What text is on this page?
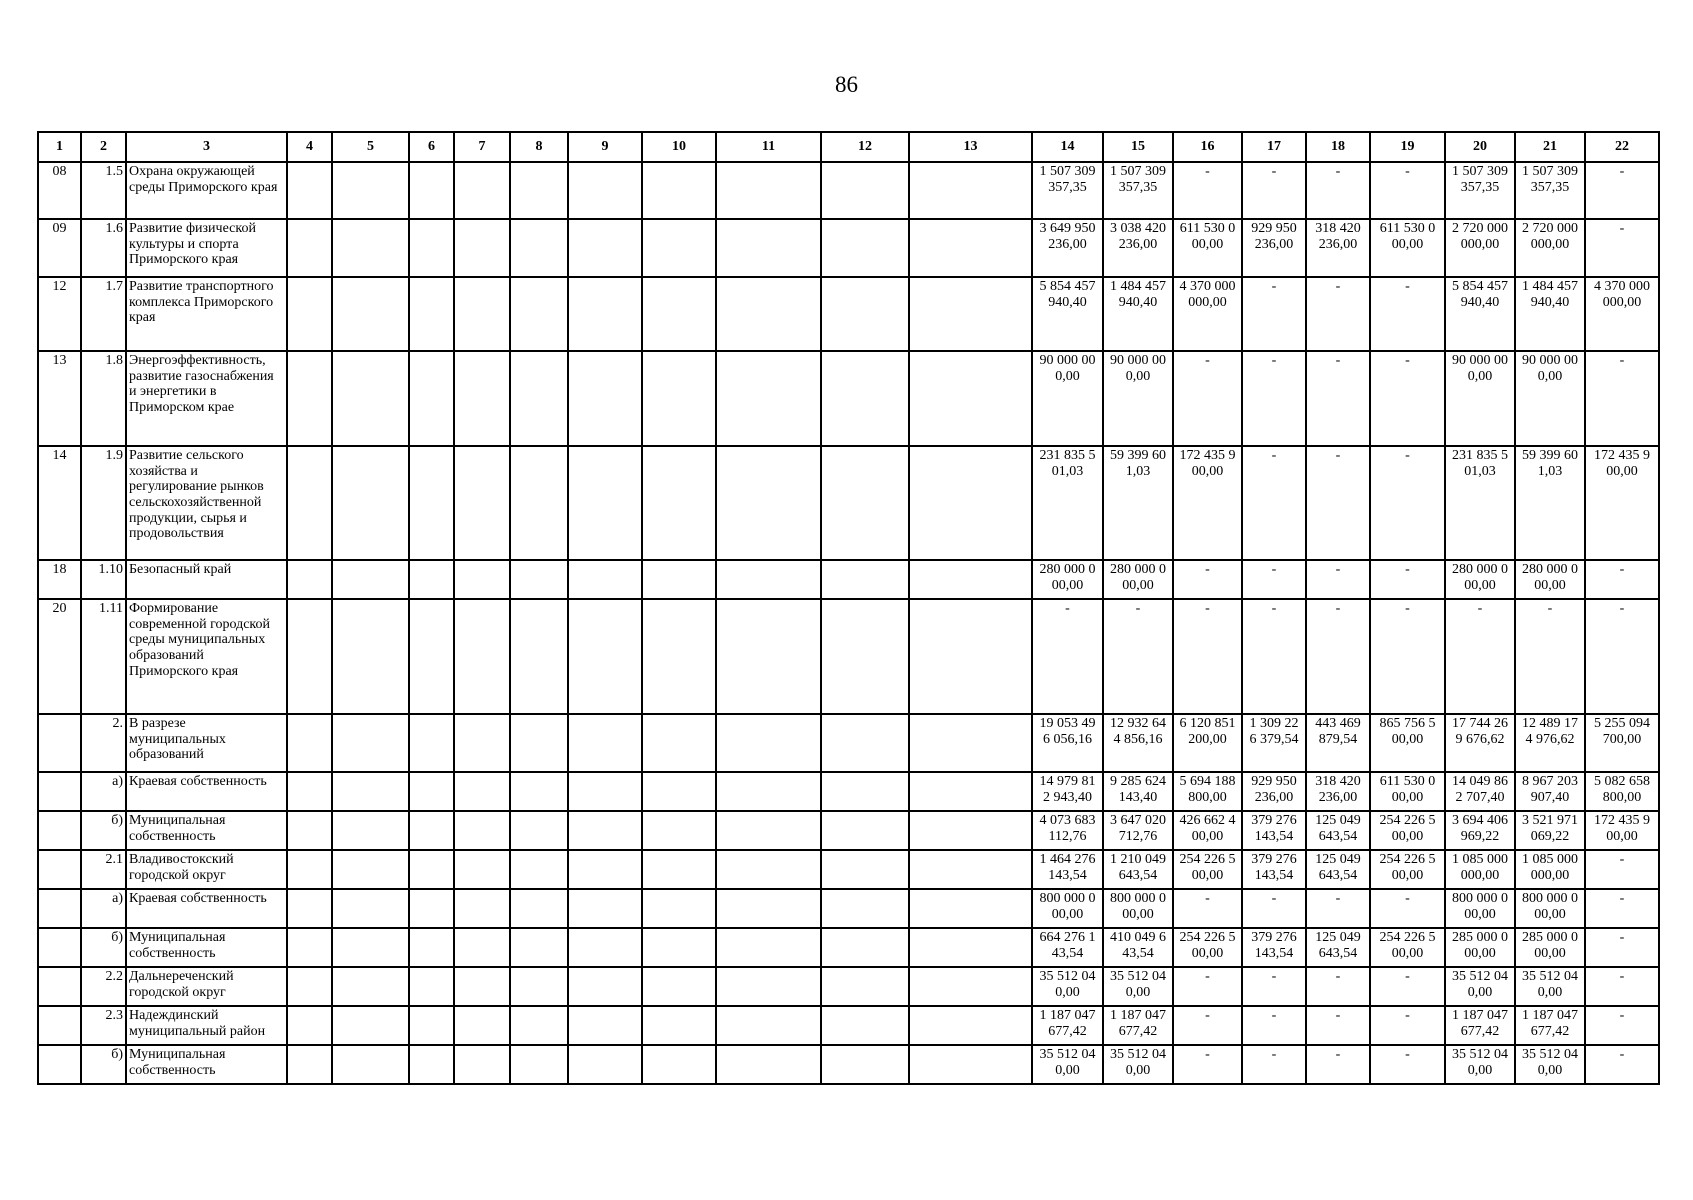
86
1	2	3	4	5	6	7	8	9	10	11	12	13	14	15	16	17	18	19	20	21	22
08	1.5	Охрана окружающей среды Приморского края											1 507 309 357,35	1 507 309 357,35	-	-	-	-	1 507 309 357,35	1 507 309 357,35	-
09	1.6	Развитие физической культуры и спорта Приморского края											3 649 950 236,00	3 038 420 236,00	611 530 0 00,00	929 950 236,00	318 420 236,00	611 530 0 00,00	2 720 000 000,00	2 720 000 000,00	-
12	1.7	Развитие транспортного комплекса Приморского края											5 854 457 940,40	1 484 457 940,40	4 370 000 000,00	-	-	-	5 854 457 940,40	1 484 457 940,40	4 370 000 000,00
13	1.8	Энергоэффективность, развитие газоснабжения и энергетики в Приморском крае											90 000 00 0,00	90 000 00 0,00	-	-	-	-	90 000 00 0,00	90 000 00 0,00	-
14	1.9	Развитие сельского хозяйства и регулирование рынков сельскохозяйственной продукции, сырья и продовольствия											231 835 5 01,03	59 399 60 1,03	172 435 9 00,00	-	-	-	231 835 5 01,03	59 399 60 1,03	172 435 9 00,00
18	1.10	Безопасный край											280 000 0 00,00	280 000 0 00,00	-	-	-	-	280 000 0 00,00	280 000 0 00,00	-
20	1.11	Формирование современной городской среды муниципальных образований Приморского края											-	-	-	-	-	-	-	-	-
	2.	В разрезе муниципальных образований											19 053 49 6 056,16	12 932 64 4 856,16	6 120 851 200,00	1 309 22 6 379,54	443 469 879,54	865 756 5 00,00	17 744 26 9 676,62	12 489 17 4 976,62	5 255 094 700,00
	а)	Краевая собственность											14 979 81 2 943,40	9 285 624 143,40	5 694 188 800,00	929 950 236,00	318 420 236,00	611 530 0 00,00	14 049 86 2 707,40	8 967 203 907,40	5 082 658 800,00
	б)	Муниципальная собственность											4 073 683 112,76	3 647 020 712,76	426 662 4 00,00	379 276 143,54	125 049 643,54	254 226 5 00,00	3 694 406 969,22	3 521 971 069,22	172 435 9 00,00
	2.1	Владивостокский городской округ											1 464 276 143,54	1 210 049 643,54	254 226 5 00,00	379 276 143,54	125 049 643,54	254 226 5 00,00	1 085 000 000,00	1 085 000 000,00	-
	а)	Краевая собственность											800 000 0 00,00	800 000 0 00,00	-	-	-	-	800 000 0 00,00	800 000 0 00,00	-
	б)	Муниципальная собственность											664 276 1 43,54	410 049 6 43,54	254 226 5 00,00	379 276 143,54	125 049 643,54	254 226 5 00,00	285 000 0 00,00	285 000 0 00,00	-
	2.2	Дальнереченский городской округ											35 512 04 0,00	35 512 04 0,00	-	-	-	-	35 512 04 0,00	35 512 04 0,00	-
	2.3	Надеждинский муниципальный район											1 187 047 677,42	1 187 047 677,42	-	-	-	-	1 187 047 677,42	1 187 047 677,42	-
	б)	Муниципальная собственность											35 512 04 0,00	35 512 04 0,00	-	-	-	-	35 512 04 0,00	35 512 04 0,00	-
